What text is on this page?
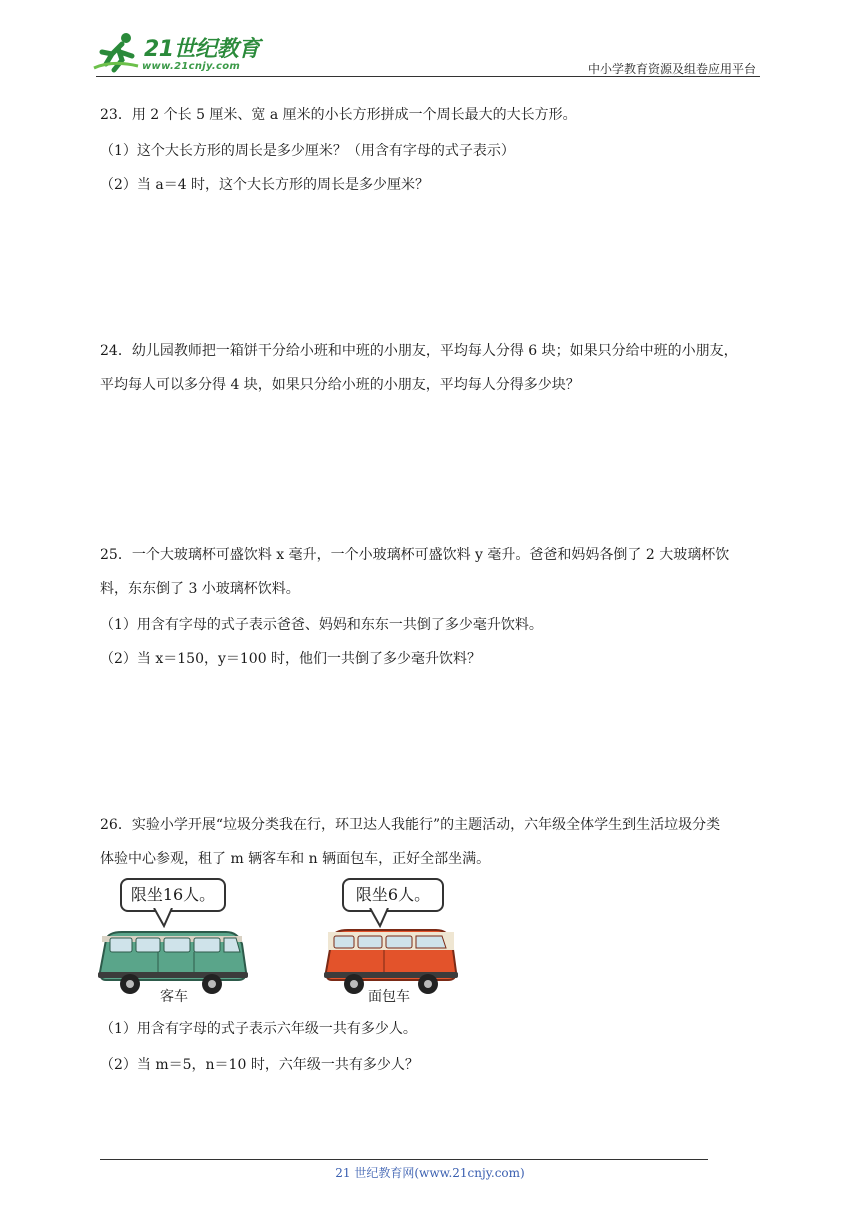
21世纪教育
www.21cnjy.com	中小学教育资源及组卷应用平台

23．用 2 个长 5 厘米、宽 a 厘米的小长方形拼成一个周长最大的大长方形。

（1）这个大长方形的周长是多少厘米？（用含有字母的式子表示）
（2）当 a＝4 时，这个大长方形的周长是多少厘米？

24．幼儿园教师把一箱饼干分给小班和中班的小朋友，平均每人分得 6 块；如果只分给中班的小朋友，

平均每人可以多分得 4 块，如果只分给小班的小朋友，平均每人分得多少块？

25．一个大玻璃杯可盛饮料 x 毫升，一个小玻璃杯可盛饮料 y 毫升。爸爸和妈妈各倒了 2 大玻璃杯饮

料，东东倒了 3 小玻璃杯饮料。

（1）用含有字母的式子表示爸爸、妈妈和东东一共倒了多少毫升饮料。
（2）当 x＝150，y＝100 时，他们一共倒了多少毫升饮料？

26．实验小学开展“垃圾分类我在行，环卫达人我能行”的主题活动，六年级全体学生到生活垃圾分类

体验中心参观，租了 m 辆客车和 n 辆面包车，正好全部坐满。

限坐16人。
客车
限坐6人。
面包车
（1）用含有字母的式子表示六年级一共有多少人。
（2）当 m＝5，n＝10 时，六年级一共有多少人？
21 世纪教育网(www.21cnjy.com)
